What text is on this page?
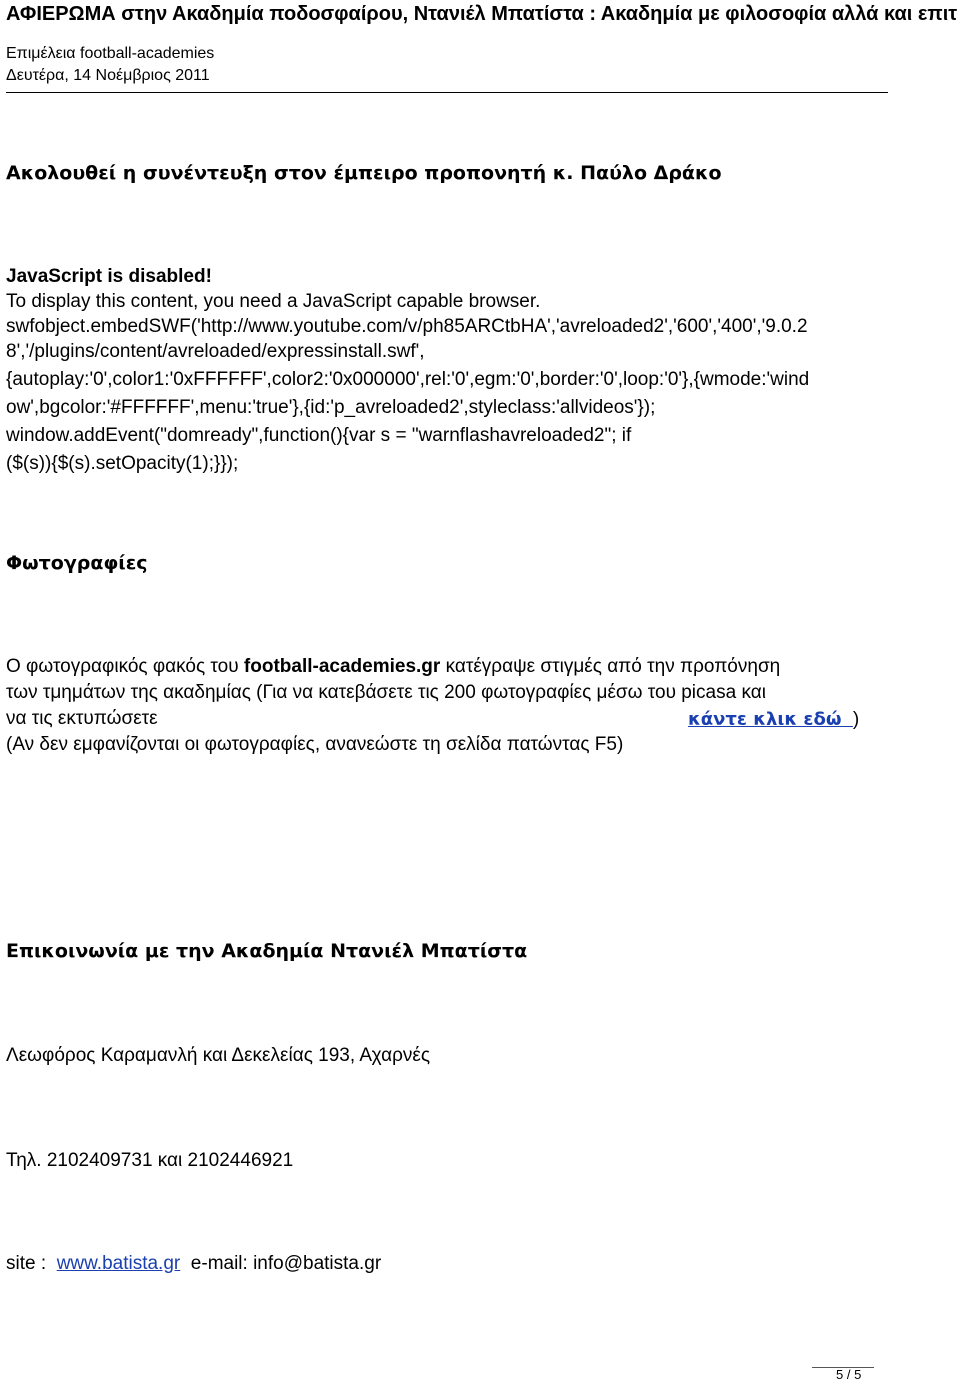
ΑΦΙΕΡΩΜΑ στην Ακαδημία ποδοσφαίρου, Ντανιέλ Μπατίστα : Ακαδημία με φιλοσοφία αλλά και επιτ
Επιμέλεια football-academies
Δευτέρα, 14 Νοέμβριος 2011
Ακολουθεί η συνέντευξη στον έμπειρο προπονητή κ. Παύλο Δράκο
JavaScript is disabled!
To display this content, you need a JavaScript capable browser.
swfobject.embedSWF('http://www.youtube.com/v/ph85ARCtbHA','avreloaded2','600','400','9.0.2
8','/plugins/content/avreloaded/expressinstall.swf',
{autoplay:'0',color1:'0xFFFFFF',color2:'0x000000',rel:'0',egm:'0',border:'0',loop:'0'},{wmode:'wind
ow',bgcolor:'#FFFFFF',menu:'true'},{id:'p_avreloaded2',styleclass:'allvideos'});
window.addEvent("domready",function(){var s = "warnflashavreloaded2"; if
($(s)){$(s).setOpacity(1);}});
Φωτογραφίες
Ο φωτογραφικός φακός του football-academies.gr κατέγραψε στιγμές από την προπόνηση
των τμημάτων της ακαδημίας (Για να κατεβάσετε τις 200 φωτογραφίες μέσω του picasa και
να τις εκτυπώσετε	κάντε κλικ εδώ )
(Αν δεν εμφανίζονται οι φωτογραφίες, ανανεώστε τη σελίδα πατώντας F5)
Επικοινωνία με την Ακαδημία Ντανιέλ Μπατίστα
Λεωφόρος Καραμανλή και Δεκελείας 193, Αχαρνές
Τηλ. 2102409731 και 2102446921
site : www.batista.gr e-mail: info@batista.gr
5 / 5
